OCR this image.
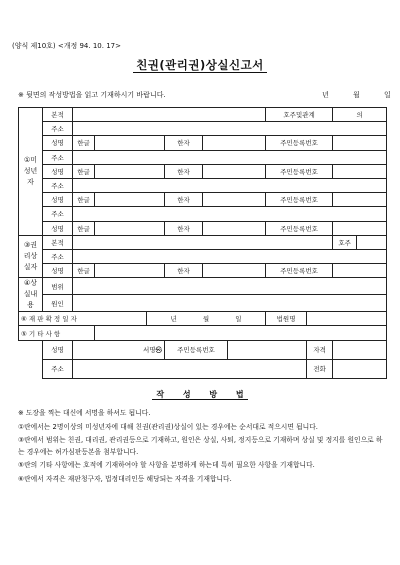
(양식 제10호) <개정 94. 10. 17>
친권(관리권)상실신고서
※ 뒷면의 작성방법을 읽고 기재하시기 바랍니다.	년 월 일
①미성년자	본적							호주및관계		의	
	주소										
	성명	한글			한자			주민등록번호			
	주소										
	성명	한글			한자			주민등록번호			
	주소										
	성명	한글			한자			주민등록번호			
	주소										
	성명	한글			한자			주민등록번호			
③권리상실자	본적									호주	
	주소										
	성명	한글			한자			주민등록번호			
④상실내용	범위										
	원인										
⑥ 재 판 확 정 일 자				년 월 일				법원명			
⑤ 기 타 사 항											
	성명	서명㉿			주민등록번호				자격		
	주소								전화		
작 성 방 법

※ 도장을 찍는 대신에 서명을 하셔도 됩니다.

①란에서는 2명이상의 미성년자에 대해 친권(관리권)상실이 있는 경우에는 순서대로 적으시면 됩니다.

③란에서 범위는 친권, 대리권, 관리권등으로 기재하고, 원인은 상실, 사퇴, 정지등으로 기재하며 상실 및 정지를 원인으로 하는 경우에는 허가심판등본을 첨부합니다.

⑤란의 기타 사항에는 호적에 기재하여야 할 사항을 분명하게 하는데 특히 필요한 사항을 기재합니다.

⑥란에서 자격은 재판청구자, 법정대리인등 해당되는 자격을 기재합니다.
